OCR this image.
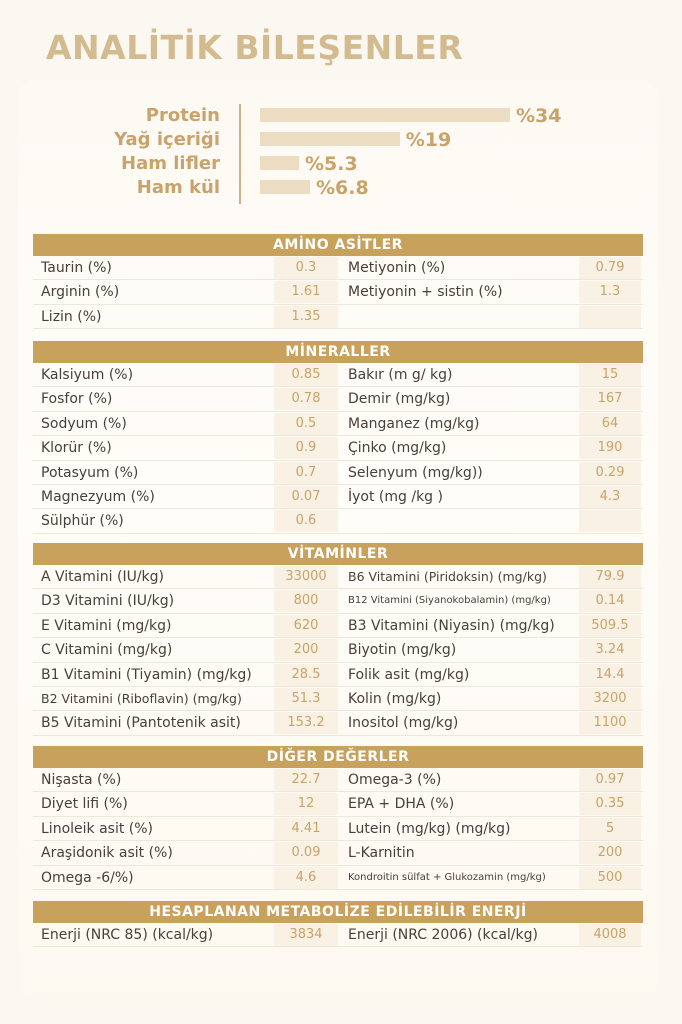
ANALİTİK BİLEŞENLER
Protein	%34
Yağ içeriği	%19
Ham lifler	%5.3
Ham kül	%6.8
AMİNO ASİTLER
Taurin (%)	0.3	Metiyonin (%)	0.79
Arginin (%)	1.61	Metiyonin + sistin (%)	1.3
Lizin (%)	1.35
MİNERALLER
Kalsiyum (%)	0.85	Bakır (m g/ kg)	15
Fosfor (%)	0.78	Demir (mg/kg)	167
Sodyum (%)	0.5	Manganez (mg/kg)	64
Klorür (%)	0.9	Çinko (mg/kg)	190
Potasyum (%)	0.7	Selenyum (mg/kg))	0.29
Magnezyum (%)	0.07	İyot (mg /kg )	4.3
Sülphür (%)	0.6
VİTAMİNLER
A Vitamini (IU/kg)	33000	B6 Vitamini (Piridoksin) (mg/kg)	79.9
D3 Vitamini (IU/kg)	800	B12 Vitamini (Siyanokobalamin) (mg/kg)	0.14
E Vitamini (mg/kg)	620	B3 Vitamini (Niyasin) (mg/kg)	509.5
C Vitamini (mg/kg)	200	Biyotin (mg/kg)	3.24
B1 Vitamini (Tiyamin) (mg/kg)	28.5	Folik asit (mg/kg)	14.4
B2 Vitamini (Riboflavin) (mg/kg)	51.3	Kolin (mg/kg)	3200
B5 Vitamini (Pantotenik asit)	153.2	Inositol (mg/kg)	1100
DİĞER DEĞERLER
Nişasta (%)	22.7	Omega-3 (%)	0.97
Diyet lifi (%)	12	EPA + DHA (%)	0.35
Linoleik asit (%)	4.41	Lutein (mg/kg) (mg/kg)	5
Araşidonik asit (%)	0.09	L-Karnitin	200
Omega -6/%)	4.6	Kondroitin sülfat + Glukozamin (mg/kg)	500
HESAPLANAN METABOLİZE EDİLEBİLİR ENERJİ
Enerji (NRC 85) (kcal/kg)	3834	Enerji (NRC 2006) (kcal/kg)	4008
